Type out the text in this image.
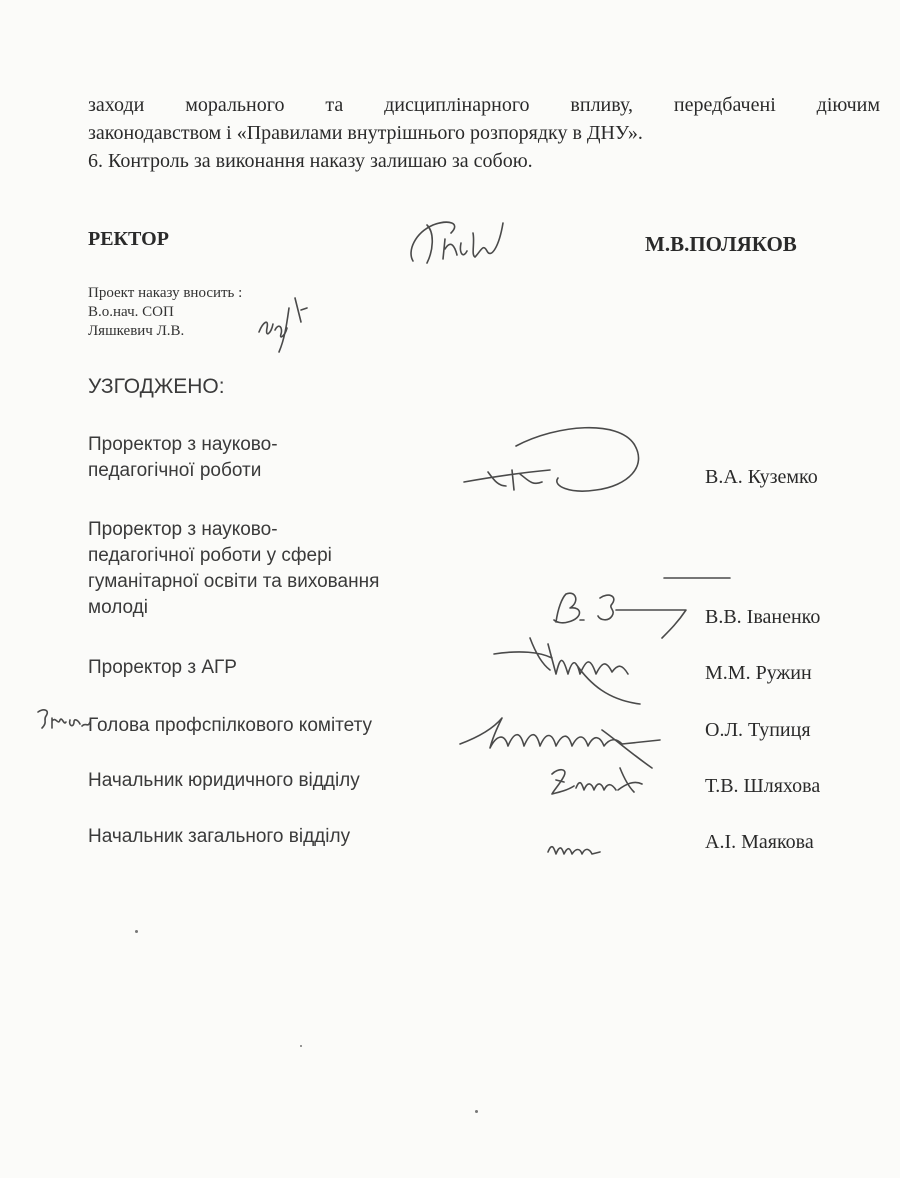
заходи морального та дисциплінарного впливу, передбачені діючим
законодавством і «Правилами внутрішнього розпорядку в ДНУ».
6. Контроль за виконання наказу залишаю за собою.
РЕКТОР	М.В.ПОЛЯКОВ
Проект наказу вносить :
В.о.нач. СОП
Ляшкевич Л.В.
УЗГОДЖЕНО:
Проректор з науково-
педагогічної роботи	В.А. Куземко
Проректор з науково-
педагогічної роботи у сфері
гуманітарної освіти та виховання
молоді	В.В. Іваненко
Проректор з АГР	М.М. Ружин
Голова профспілкового комітету	О.Л. Тупиця
Начальник юридичного відділу	Т.В. Шляхова
Начальник загального відділу	А.І. Маякова
